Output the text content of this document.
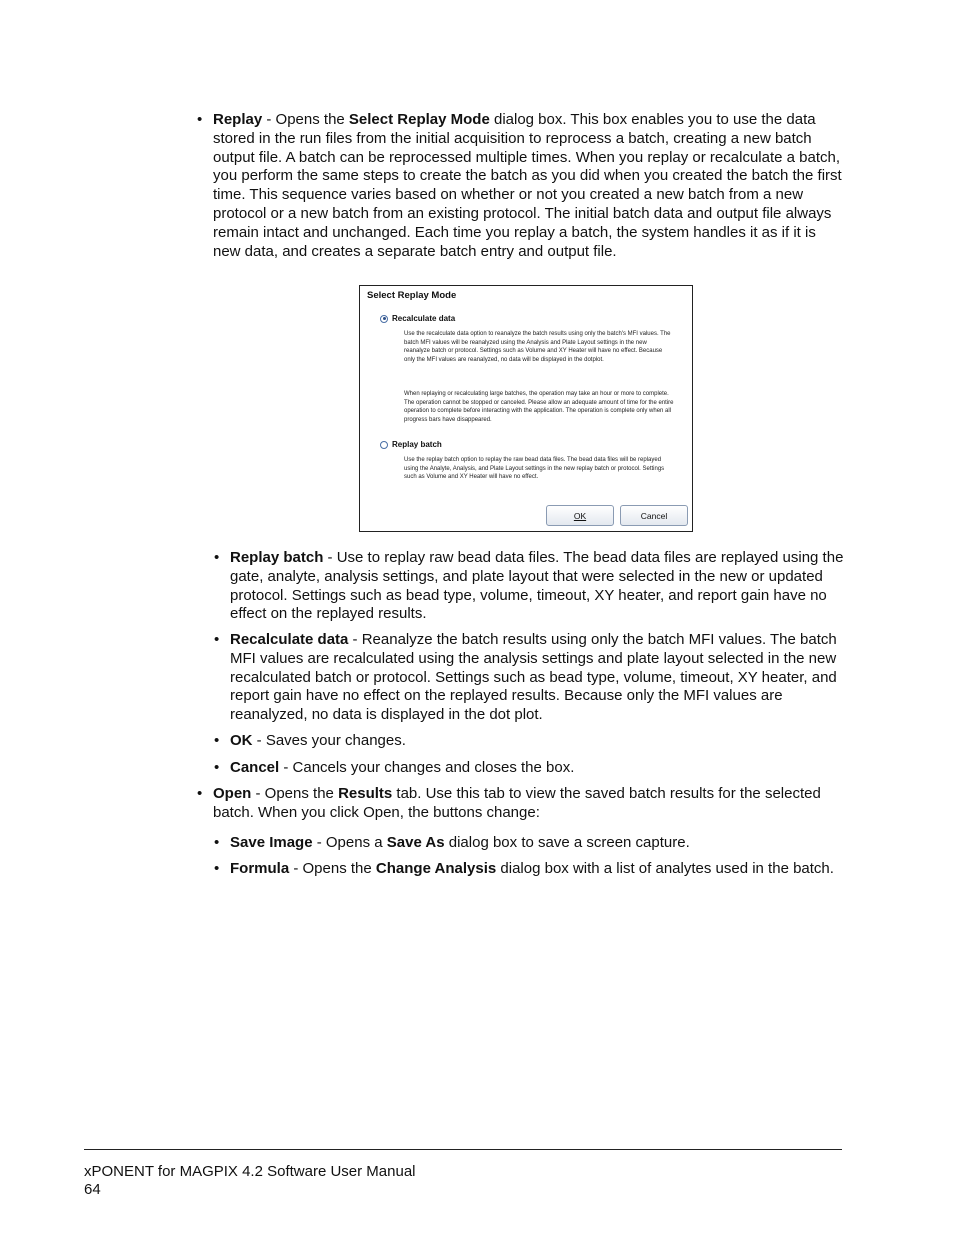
• Replay - Opens the Select Replay Mode dialog box. This box enables you to use the data stored in the run files from the initial acquisition to reprocess a batch, creating a new batch output file. A batch can be reprocessed multiple times. When you replay or recalculate a batch, you perform the same steps to create the batch as you did when you created the batch the first time. This sequence varies based on whether or not you created a new batch from a new protocol or a new batch from an existing protocol. The initial batch data and output file always remain intact and unchanged. Each time you replay a batch, the system handles it as if it is new data, and creates a separate batch entry and output file.
Select Replay Mode
Recalculate data
Use the recalculate data option to reanalyze the batch results using only the batch's MFI values. The batch MFI values will be reanalyzed using the Analysis and Plate Layout settings in the new reanalyze batch or protocol. Settings such as Volume and XY Heater will have no effect. Because only the MFI values are reanalyzed, no data will be displayed in the dotplot.
When replaying or recalculating large batches, the operation may take an hour or more to complete. The operation cannot be stopped or canceled. Please allow an adequate amount of time for the entire operation to complete before interacting with the application. The operation is complete only when all progress bars have disappeared.
Replay batch
Use the replay batch option to replay the raw bead data files. The bead data files will be replayed using the Analyte, Analysis, and Plate Layout settings in the new replay batch or protocol. Settings such as Volume and XY Heater will have no effect.
OK	Cancel
• Replay batch - Use to replay raw bead data files. The bead data files are replayed using the gate, analyte, analysis settings, and plate layout that were selected in the new or updated protocol. Settings such as bead type, volume, timeout, XY heater, and report gain have no effect on the replayed results.
• Recalculate data - Reanalyze the batch results using only the batch MFI values. The batch MFI values are recalculated using the analysis settings and plate layout selected in the new recalculated batch or protocol. Settings such as bead type, volume, timeout, XY heater, and report gain have no effect on the replayed results. Because only the MFI values are reanalyzed, no data is displayed in the dot plot.
• OK - Saves your changes.
• Cancel - Cancels your changes and closes the box.
• Open - Opens the Results tab. Use this tab to view the saved batch results for the selected batch. When you click Open, the buttons change:
• Save Image - Opens a Save As dialog box to save a screen capture.
• Formula - Opens the Change Analysis dialog box with a list of analytes used in the batch.
xPONENT for MAGPIX 4.2 Software User Manual
64
